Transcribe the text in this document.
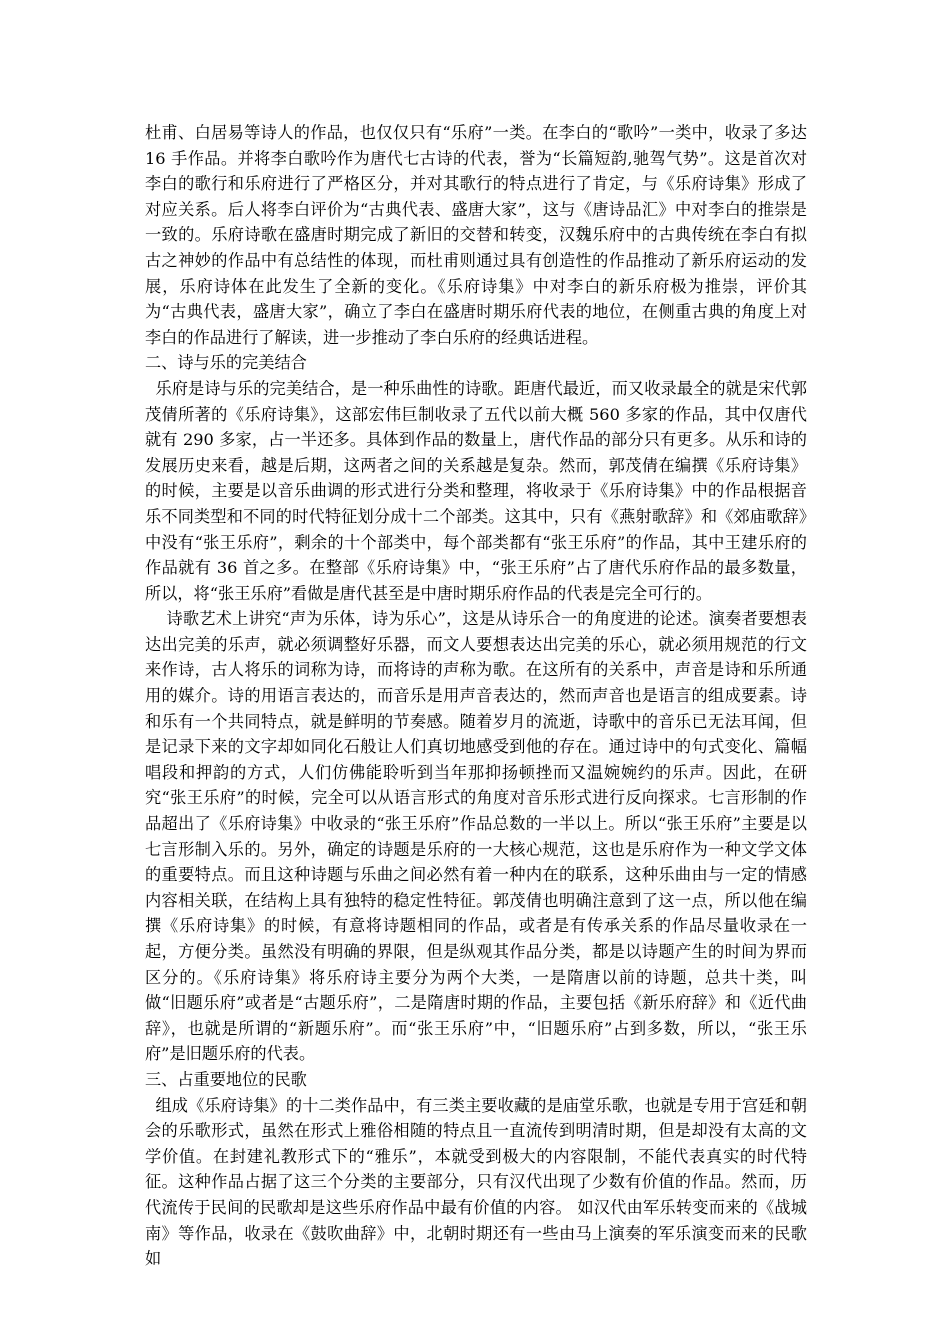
杜甫、白居易等诗人的作品，也仅仅只有“乐府”一类。在李白的“歌吟”一类中，收录了多达 16 手作品。并将李白歌吟作为唐代七古诗的代表，誉为“长篇短韵,驰驾气势”。这是首次对李白的歌行和乐府进行了严格区分，并对其歌行的特点进行了肯定，与《乐府诗集》形成了对应关系。后人将李白评价为“古典代表、盛唐大家”，这与《唐诗品汇》中对李白的推崇是一致的。乐府诗歌在盛唐时期完成了新旧的交替和转变，汉魏乐府中的古典传统在李白有拟古之神妙的作品中有总结性的体现，而杜甫则通过具有创造性的作品推动了新乐府运动的发展，乐府诗体在此发生了全新的变化。《乐府诗集》中对李白的新乐府极为推崇，评价其为“古典代表，盛唐大家”，确立了李白在盛唐时期乐府代表的地位，在侧重古典的角度上对李白的作品进行了解读，进一步推动了李白乐府的经典话进程。

二、诗与乐的完美结合

乐府是诗与乐的完美结合，是一种乐曲性的诗歌。距唐代最近，而又收录最全的就是宋代郭茂倩所著的《乐府诗集》，这部宏伟巨制收录了五代以前大概 560 多家的作品，其中仅唐代就有 290 多家，占一半还多。具体到作品的数量上，唐代作品的部分只有更多。从乐和诗的发展历史来看，越是后期，这两者之间的关系越是复杂。然而，郭茂倩在编撰《乐府诗集》的时候，主要是以音乐曲调的形式进行分类和整理，将收录于《乐府诗集》中的作品根据音乐不同类型和不同的时代特征划分成十二个部类。这其中，只有《燕射歌辞》和《郊庙歌辞》中没有“张王乐府”，剩余的十个部类中，每个部类都有“张王乐府”的作品，其中王建乐府的作品就有 36 首之多。在整部《乐府诗集》中，“张王乐府”占了唐代乐府作品的最多数量，所以，将“张王乐府”看做是唐代甚至是中唐时期乐府作品的代表是完全可行的。

诗歌艺术上讲究“声为乐体，诗为乐心”，这是从诗乐合一的角度进的论述。演奏者要想表达出完美的乐声，就必须调整好乐器，而文人要想表达出完美的乐心，就必须用规范的行文来作诗，古人将乐的词称为诗，而将诗的声称为歌。在这所有的关系中，声音是诗和乐所通用的媒介。诗的用语言表达的，而音乐是用声音表达的，然而声音也是语言的组成要素。诗和乐有一个共同特点，就是鲜明的节奏感。随着岁月的流逝，诗歌中的音乐已无法耳闻，但是记录下来的文字却如同化石般让人们真切地感受到他的存在。通过诗中的句式变化、篇幅唱段和押韵的方式，人们仿佛能聆听到当年那抑扬顿挫而又温婉婉约的乐声。因此，在研究“张王乐府”的时候，完全可以从语言形式的角度对音乐形式进行反向探求。七言形制的作品超出了《乐府诗集》中收录的“张王乐府”作品总数的一半以上。所以“张王乐府”主要是以七言形制入乐的。另外，确定的诗题是乐府的一大核心规范，这也是乐府作为一种文学文体的重要特点。而且这种诗题与乐曲之间必然有着一种内在的联系，这种乐曲由与一定的情感内容相关联，在结构上具有独特的稳定性特征。郭茂倩也明确注意到了这一点，所以他在编撰《乐府诗集》的时候，有意将诗题相同的作品，或者是有传承关系的作品尽量收录在一起，方便分类。虽然没有明确的界限，但是纵观其作品分类，都是以诗题产生的时间为界而区分的。《乐府诗集》将乐府诗主要分为两个大类，一是隋唐以前的诗题，总共十类，叫做“旧题乐府”或者是“古题乐府”，二是隋唐时期的作品，主要包括《新乐府辞》和《近代曲辞》，也就是所谓的“新题乐府”。而“张王乐府”中，“旧题乐府”占到多数，所以，“张王乐府”是旧题乐府的代表。

三、占重要地位的民歌

组成《乐府诗集》的十二类作品中，有三类主要收藏的是庙堂乐歌，也就是专用于宫廷和朝会的乐歌形式，虽然在形式上雅俗相随的特点且一直流传到明清时期，但是却没有太高的文学价值。在封建礼教形式下的“雅乐”，本就受到极大的内容限制，不能代表真实的时代特征。这种作品占据了这三个分类的主要部分，只有汉代出现了少数有价值的作品。然而，历代流传于民间的民歌却是这些乐府作品中最有价值的内容。 如汉代由军乐转变而来的《战城南》等作品，收录在《鼓吹曲辞》中，北朝时期还有一些由马上演奏的军乐演变而来的民歌如
